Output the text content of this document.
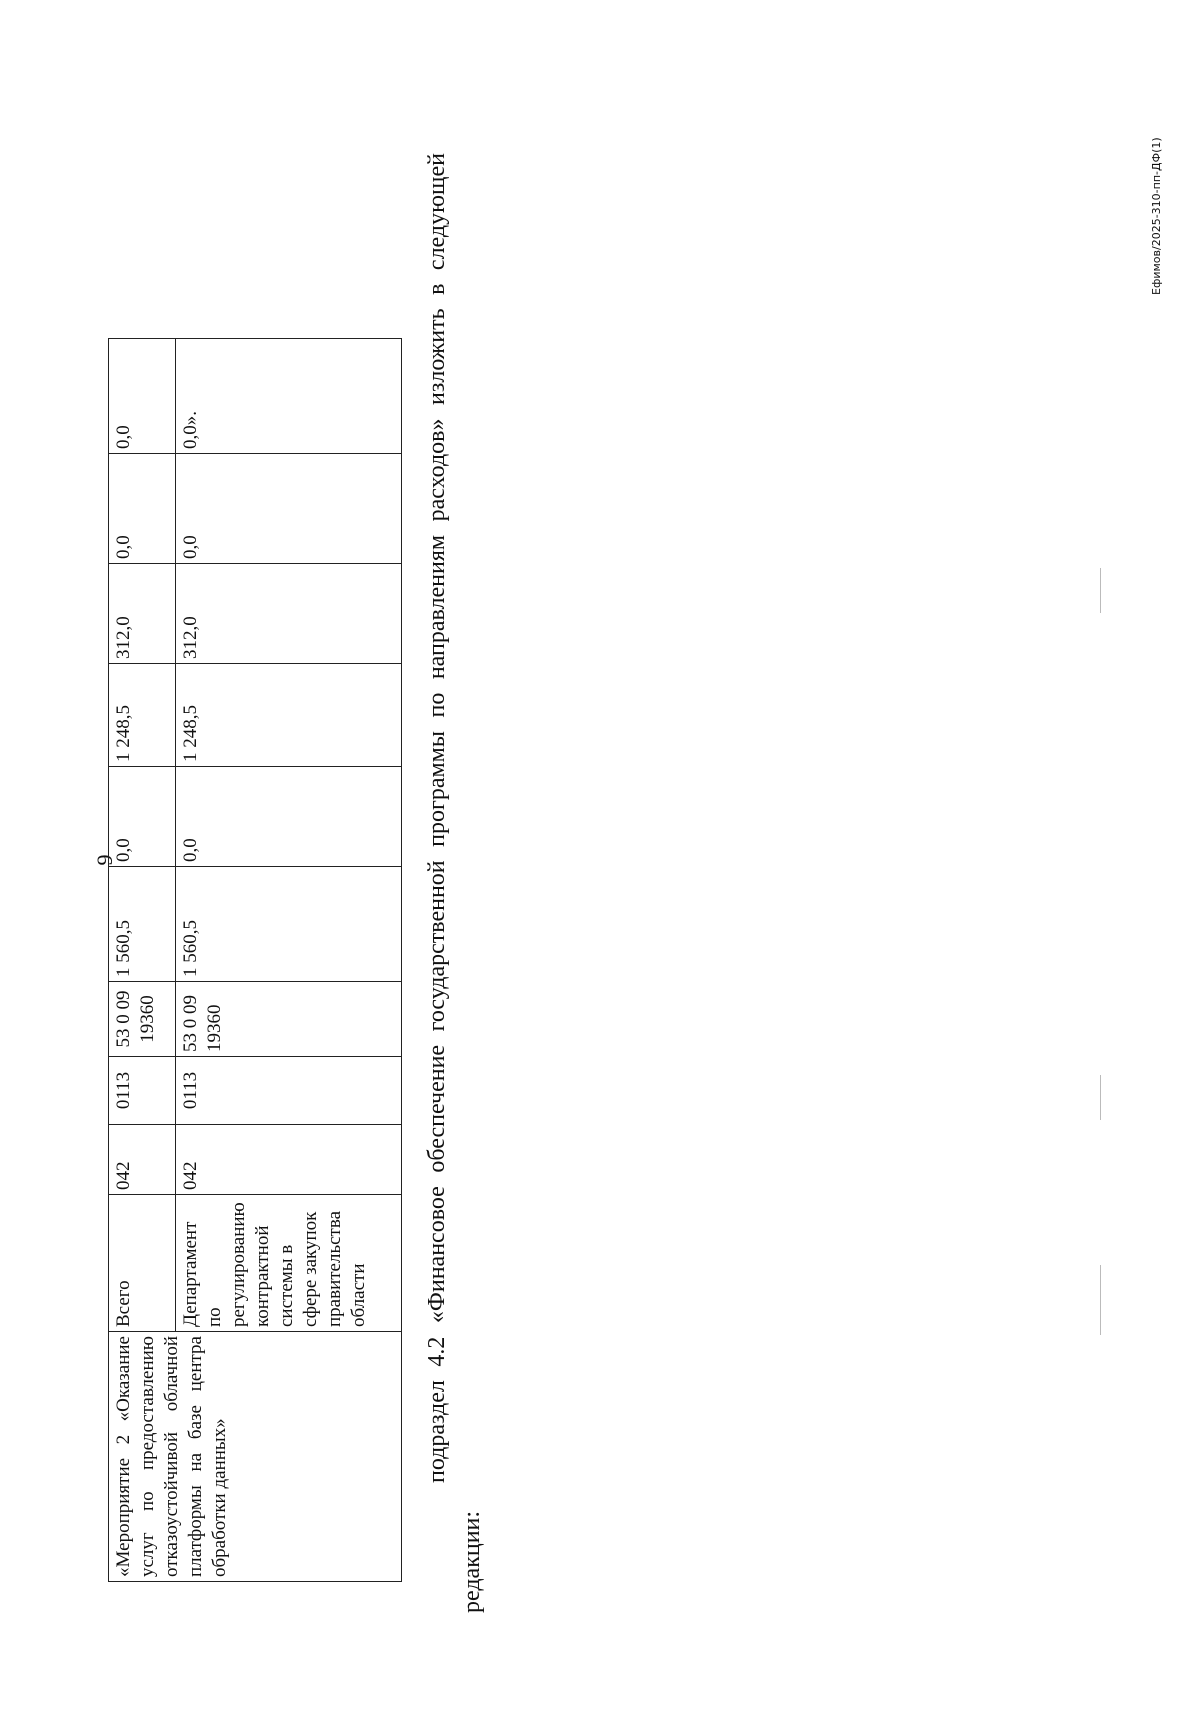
9
«Мероприятие 2 «Оказание услуг по предоставлению отказоустойчивой облачной платформы на базе центра обработки данных»	Всего	042	0113	53 0 09 19360	1 560,5	0,0	1 248,5	312,0	0,0	0,0
	Департамент по регулированию контрактной системы в сфере закупок правительства области	042	0113	53 0 09 19360	1 560,5	0,0	1 248,5	312,0	0,0	0,0».	подраздел 4.2 «Финансовое обеспечение государственной программы по направлениям расходов» изложить в следующей редакции:
Ефимов/2025-310-пп-ДФ(1)
